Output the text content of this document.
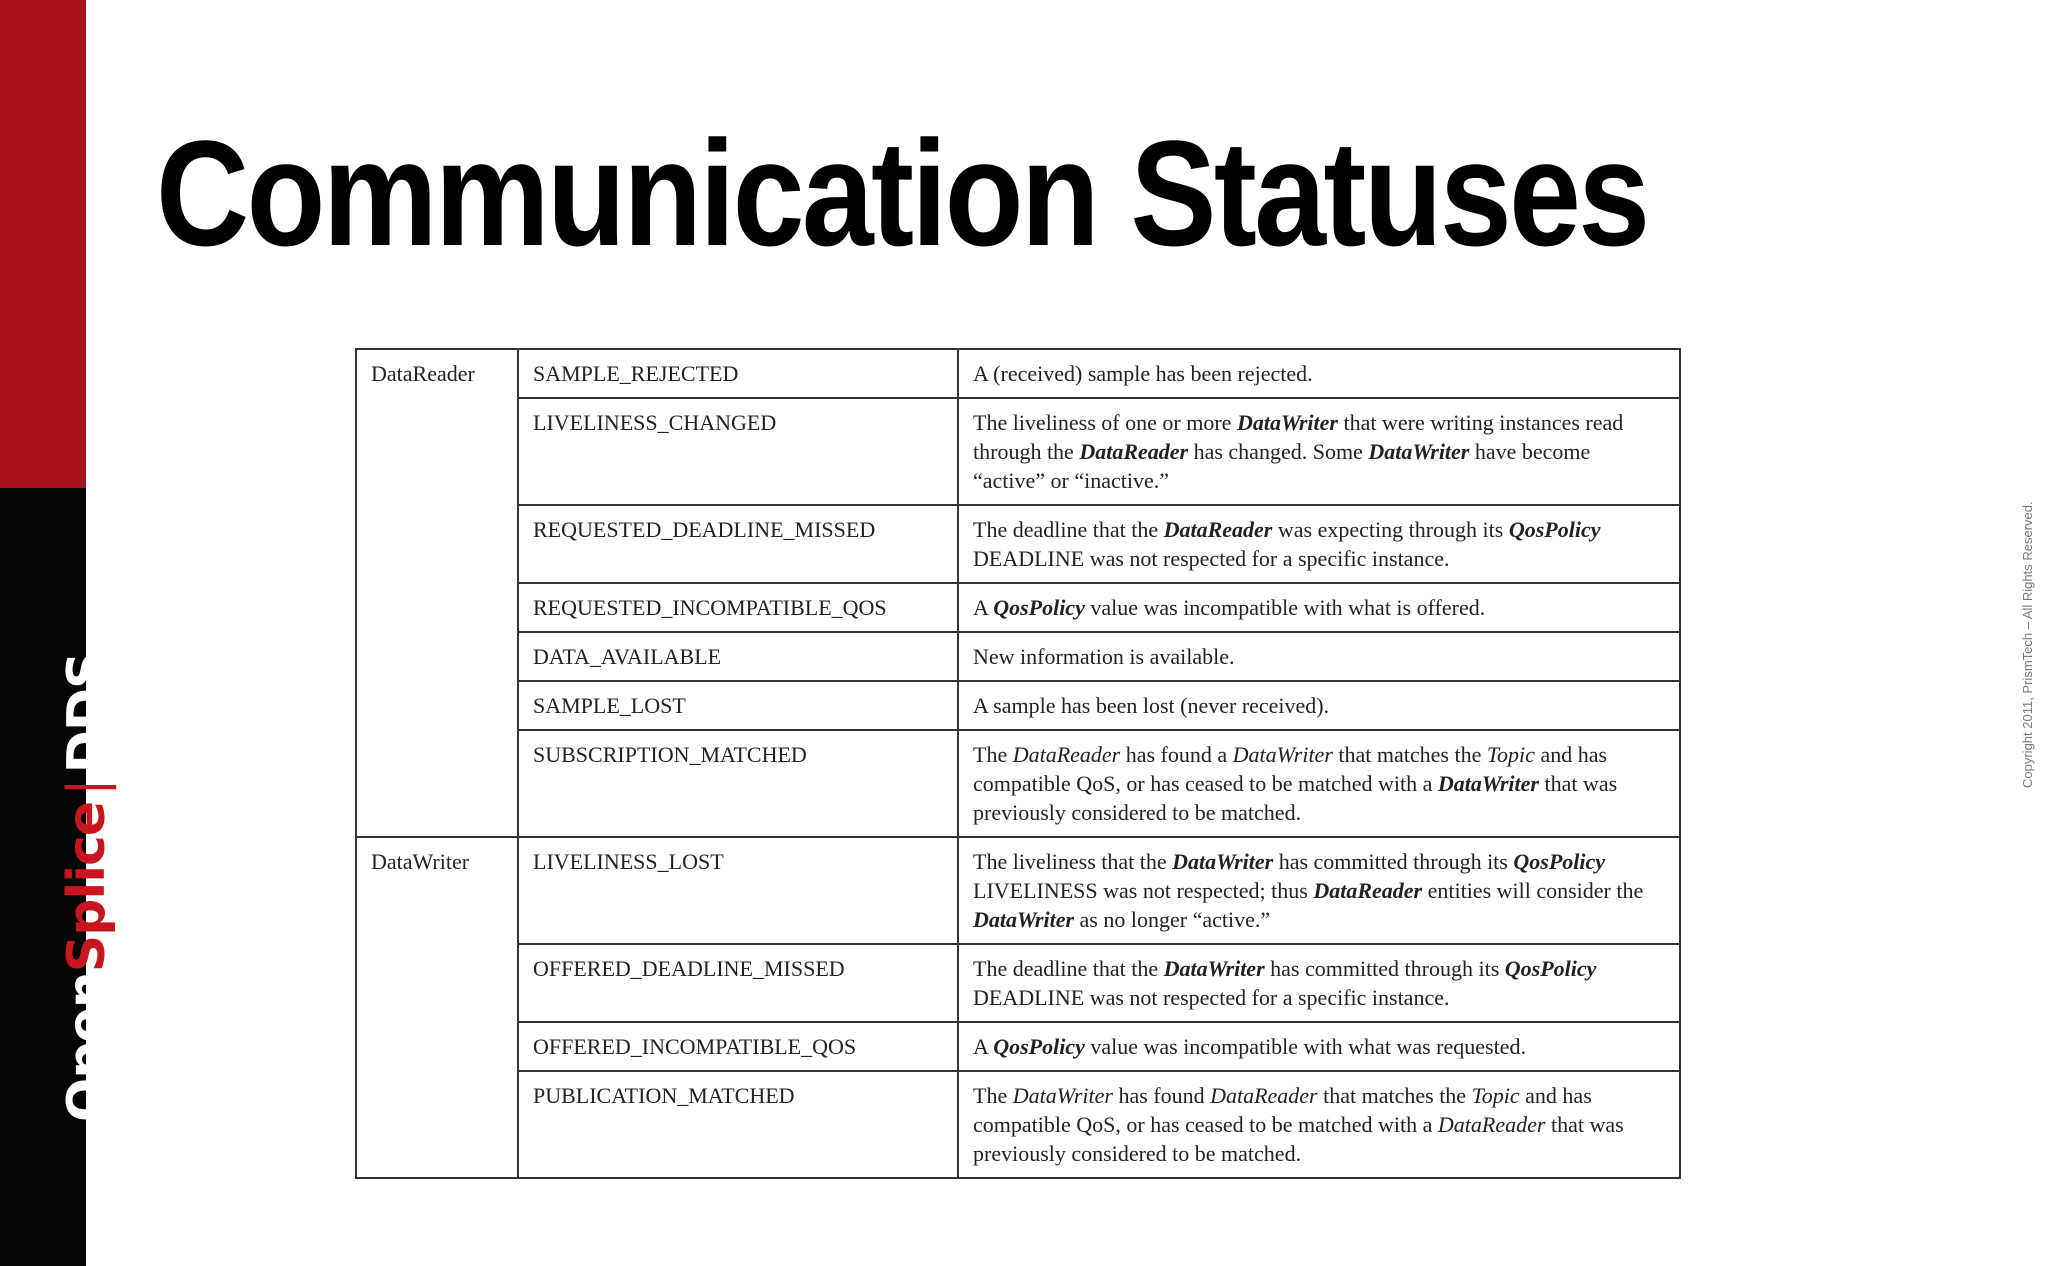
OpenSplice|DDS
Communication Statuses
Copyright 2011, PrismTech – All Rights Reserved.
DataReader	SAMPLE_REJECTED	A (received) sample has been rejected.
	LIVELINESS_CHANGED	The liveliness of one or more DataWriter that were writing instances read through the DataReader has changed. Some DataWriter have become “active” or “inactive.”
	REQUESTED_DEADLINE_MISSED	The deadline that the DataReader was expecting through its QosPolicy DEADLINE was not respected for a specific instance.
	REQUESTED_INCOMPATIBLE_QOS	A QosPolicy value was incompatible with what is offered.
	DATA_AVAILABLE	New information is available.
	SAMPLE_LOST	A sample has been lost (never received).
	SUBSCRIPTION_MATCHED	The DataReader has found a DataWriter that matches the Topic and has compatible QoS, or has ceased to be matched with a DataWriter that was previously considered to be matched.
DataWriter	LIVELINESS_LOST	The liveliness that the DataWriter has committed through its QosPolicy LIVELINESS was not respected; thus DataReader entities will consider the DataWriter as no longer “active.”
	OFFERED_DEADLINE_MISSED	The deadline that the DataWriter has committed through its QosPolicy DEADLINE was not respected for a specific instance.
	OFFERED_INCOMPATIBLE_QOS	A QosPolicy value was incompatible with what was requested.
	PUBLICATION_MATCHED	The DataWriter has found DataReader that matches the Topic and has compatible QoS, or has ceased to be matched with a DataReader that was previously considered to be matched.
